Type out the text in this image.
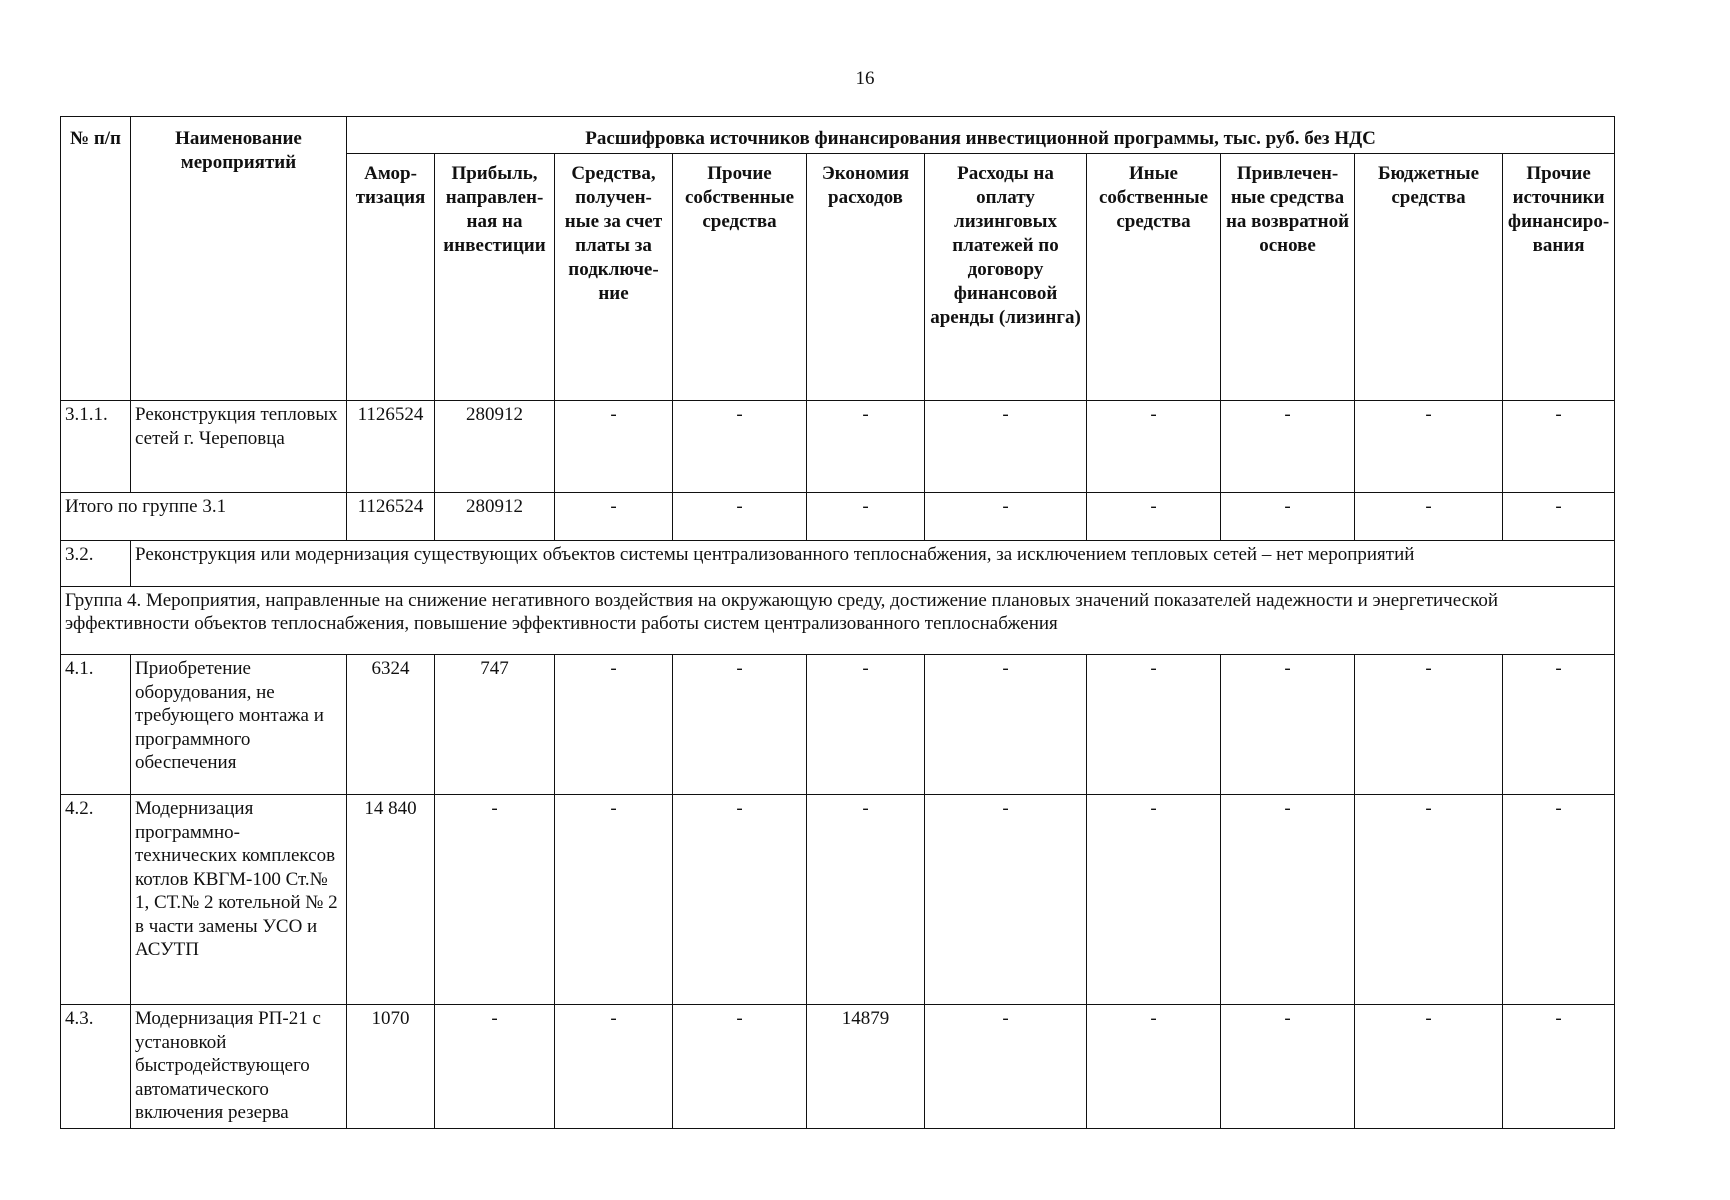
16
№ п/п	Наименование мероприятий	Расшифровка источников финансирования инвестиционной программы, тыс. руб. без НДС									
		Амор-тизация	Прибыль, направлен-ная на инвестиции	Средства, получен-ные за счет платы за подключе-ние	Прочие собственные средства	Экономия расходов	Расходы на оплату лизинговых платежей по договору финансовой аренды (лизинга)	Иные собственные средства	Привлечен-ные средства на возвратной основе	Бюджетные средства	Прочие источники финансиро-вания
3.1.1.	Реконструкция тепловых сетей г. Череповца	1126524	280912	-	-	-	-	-	-	-	-
Итого по группе 3.1		1126524	280912	-	-	-	-	-	-	-	-
3.2.	Реконструкция или модернизация существующих объектов системы централизованного теплоснабжения, за исключением тепловых сетей – нет мероприятий										
Группа 4. Мероприятия, направленные на снижение негативного воздействия на окружающую среду, достижение плановых значений показателей надежности и энергетической эффективности объектов теплоснабжения, повышение эффективности работы систем централизованного теплоснабжения											
4.1.	Приобретение оборудования, не требующего монтажа и программного обеспечения	6324	747	-	-	-	-	-	-	-	-
4.2.	Модернизация программно-технических комплексов котлов КВГМ-100 Ст.№ 1, СТ.№ 2 котельной № 2 в части замены УСО и АСУТП	14 840	-	-	-	-	-	-	-	-	-
4.3.	Модернизация РП-21 с установкой быстродействующего автоматического включения резерва	1070	-	-	-	14879	-	-	-	-	-
